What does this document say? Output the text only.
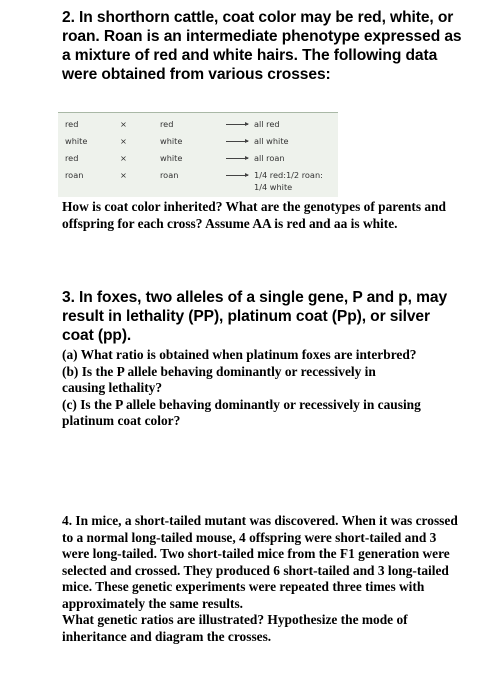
2. In shorthorn cattle, coat color may be red, white, or roan. Roan is an intermediate phenotype expressed as a mixture of red and white hairs. The following data were obtained from various crosses:

red	×	red	all red
white	×	white	all white
red	×	white	all roan
roan	×	roan	1/4 red:1/2 roan:
1/4 white

How is coat color inherited? What are the genotypes of parents and offspring for each cross? Assume AA is red and aa is white.

3. In foxes, two alleles of a single gene, P and p, may result in lethality (PP), platinum coat (Pp), or silver coat (pp).

(a) What ratio is obtained when platinum foxes are interbred?

(b) Is the P allele behaving dominantly or recessively in causing lethality?

(c) Is the P allele behaving dominantly or recessively in causing platinum coat color?

4. In mice, a short-tailed mutant was discovered. When it was crossed to a normal long-tailed mouse, 4 offspring were short-tailed and 3 were long-tailed. Two short-tailed mice from the F1 generation were selected and crossed. They produced 6 short-tailed and 3 long-tailed mice. These genetic experiments were repeated three times with approximately the same results.

What genetic ratios are illustrated? Hypothesize the mode of inheritance and diagram the crosses.
